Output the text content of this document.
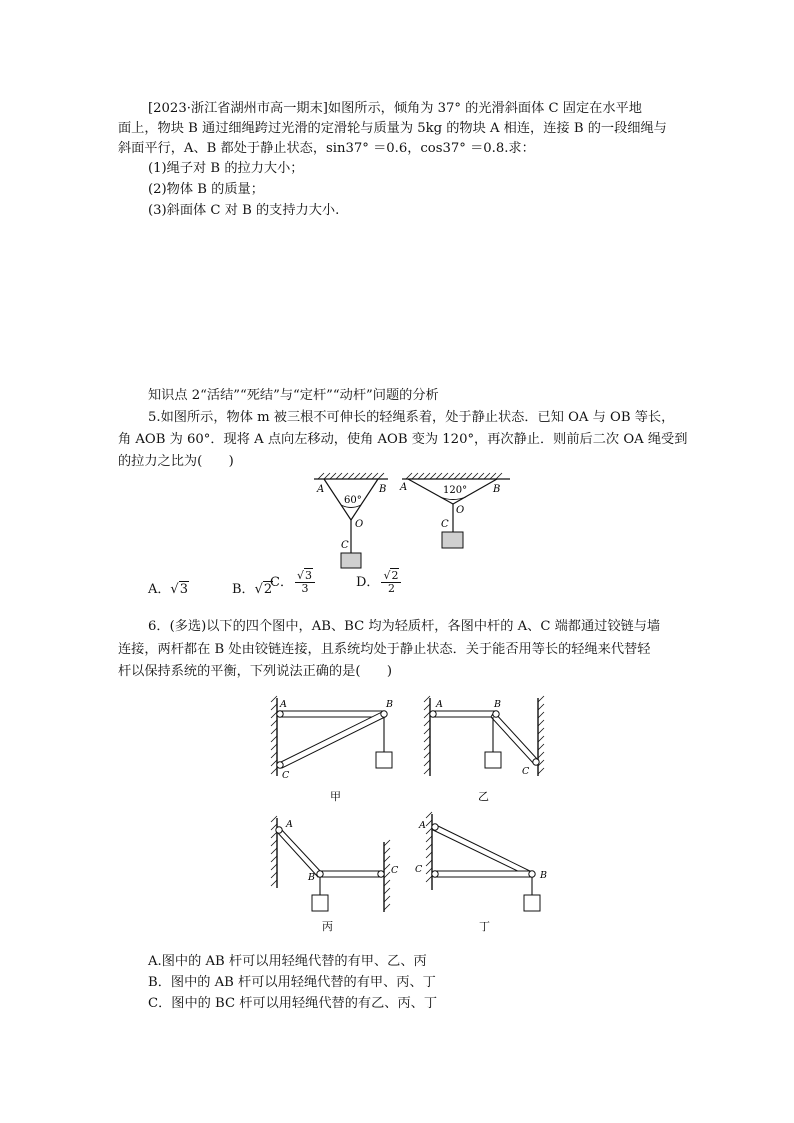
[2023·浙江省湖州市高一期末]如图所示，倾角为 37° 的光滑斜面体 C 固定在水平地
面上，物块 B 通过细绳跨过光滑的定滑轮与质量为 5kg 的物块 A 相连，连接 B 的一段细绳与
斜面平行，A、B 都处于静止状态，sin37° ＝0.6，cos37° ＝0.8.求：
(1)绳子对 B 的拉力大小；
(2)物体 B 的质量；
(3)斜面体 C 对 B 的支持力大小.
知识点 2“活结”“死结”与“定杆”“动杆”问题的分析
5.如图所示，物体 m 被三根不可伸长的轻绳系着，处于静止状态．已知 OA 与 OB 等长，
角 AOB 为 60°．现将 A 点向左移动，使角 AOB 变为 120°，再次静止．则前后二次 OA 绳受到
的拉力之比为(　　)
A	B
O
C
60°
A	B
O
C
120°
A．√3	B．√2
C． $\frac{√3}{3}$	D． $\frac{√2}{2}$
6．(多选)以下的四个图中，AB、BC 均为轻质杆，各图中杆的 A、C 端都通过铰链与墙
连接，两杆都在 B 处由铰链连接，且系统均处于静止状态．关于能否用等长的轻绳来代替轻
杆以保持系统的平衡，下列说法正确的是(　　)
A	B
C
甲
A	B
C
乙
A
B
C
丙
A
B
C
丁
A.图中的 AB 杆可以用轻绳代替的有甲、乙、丙
B．图中的 AB 杆可以用轻绳代替的有甲、丙、丁
C．图中的 BC 杆可以用轻绳代替的有乙、丙、丁
